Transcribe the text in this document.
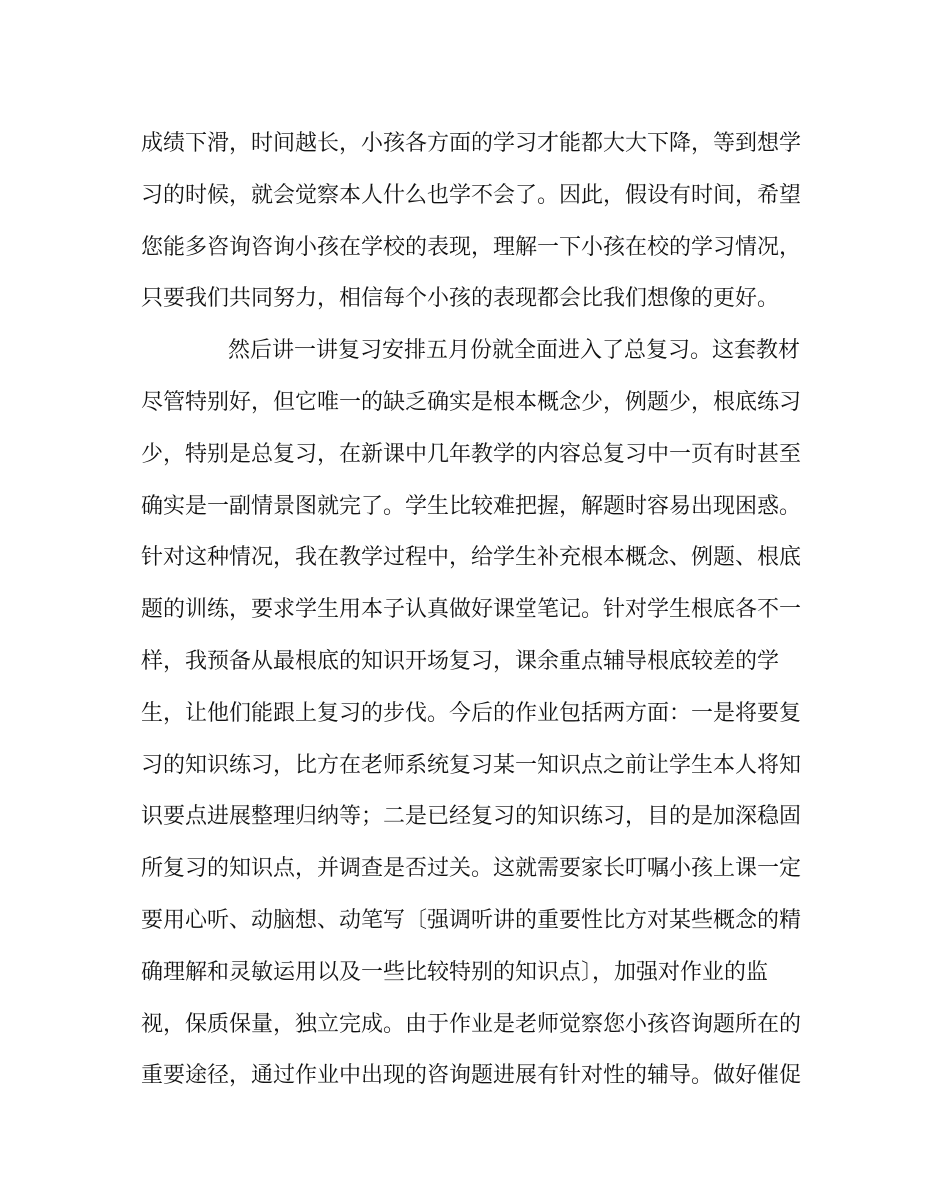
成绩下滑，时间越长，小孩各方面的学习才能都大大下降，等到想学
习的时候，就会觉察本人什么也学不会了。因此，假设有时间，希望
您能多咨询咨询小孩在学校的表现，理解一下小孩在校的学习情况，
只要我们共同努力，相信每个小孩的表现都会比我们想像的更好。
然后讲一讲复习安排五月份就全面进入了总复习。这套教材
尽管特别好，但它唯一的缺乏确实是根本概念少，例题少，根底练习
少，特别是总复习，在新课中几年教学的内容总复习中一页有时甚至
确实是一副情景图就完了。学生比较难把握，解题时容易出现困惑。
针对这种情况，我在教学过程中，给学生补充根本概念、例题、根底
题的训练，要求学生用本子认真做好课堂笔记。针对学生根底各不一
样，我预备从最根底的知识开场复习，课余重点辅导根底较差的学
生，让他们能跟上复习的步伐。今后的作业包括两方面：一是将要复
习的知识练习，比方在老师系统复习某一知识点之前让学生本人将知
识要点进展整理归纳等；二是已经复习的知识练习，目的是加深稳固
所复习的知识点，并调查是否过关。这就需要家长叮嘱小孩上课一定
要用心听、动脑想、动笔写〔强调听讲的重要性比方对某些概念的精
确理解和灵敏运用以及一些比较特别的知识点〕，加强对作业的监
视，保质保量，独立完成。由于作业是老师觉察您小孩咨询题所在的
重要途径，通过作业中出现的咨询题进展有针对性的辅导。做好催促
